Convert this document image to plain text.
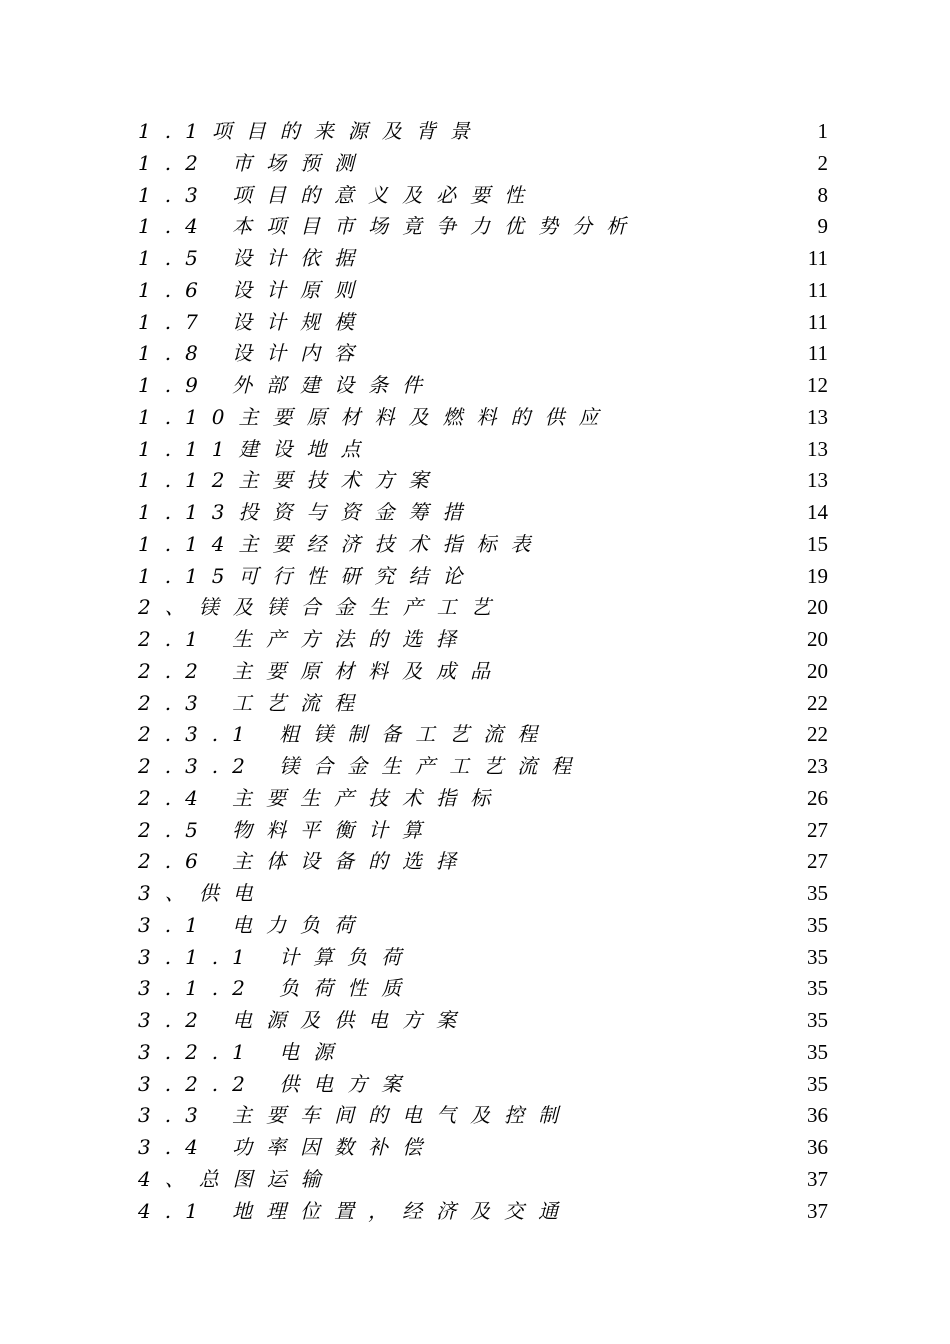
1.1项目的来源及背景	1
1.2 市场预测	2
1.3 项目的意义及必要性	8
1.4 本项目市场竟争力优势分析	9
1.5 设计依据	11
1.6 设计原则	11
1.7 设计规模	11
1.8 设计内容	11
1.9 外部建设条件	12
1.10主要原材料及燃料的供应	13
1.11建设地点	13
1.12主要技术方案	13
1.13投资与资金筹措	14
1.14主要经济技术指标表	15
1.15可行性研究结论	19
2、镁及镁合金生产工艺	20
2.1 生产方法的选择	20
2.2 主要原材料及成品	20
2.3 工艺流程	22
2.3.1 粗镁制备工艺流程	22
2.3.2 镁合金生产工艺流程	23
2.4 主要生产技术指标	26
2.5 物料平衡计算	27
2.6 主体设备的选择	27
3、供电	35
3.1 电力负荷	35
3.1.1 计算负荷	35
3.1.2 负荷性质	35
3.2 电源及供电方案	35
3.2.1 电源	35
3.2.2 供电方案	35
3.3 主要车间的电气及控制	36
3.4 功率因数补偿	36
4、总图运输	37
4.1 地理位置，经济及交通	37
